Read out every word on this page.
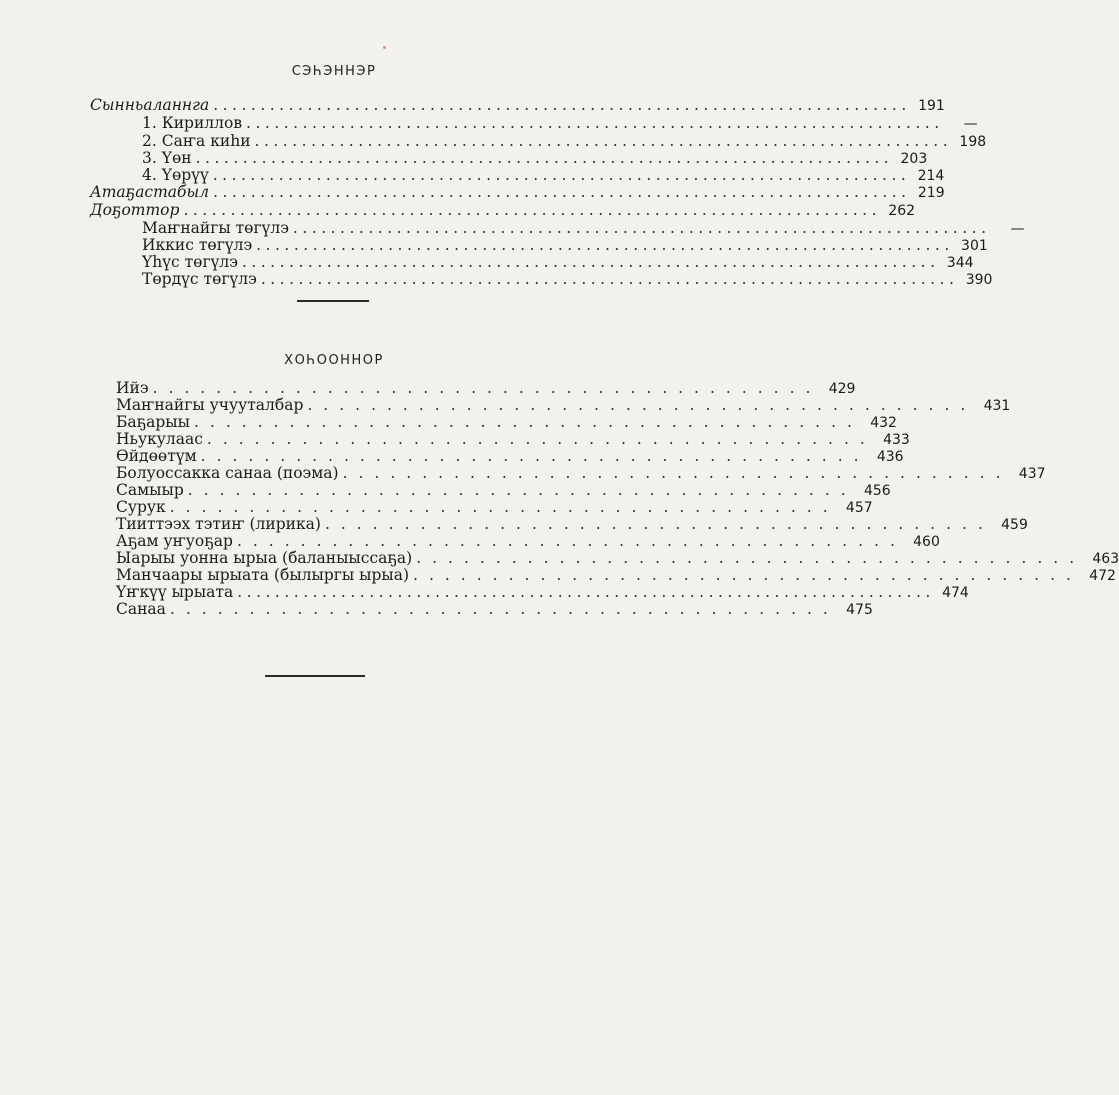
СЭҺЭННЭР
Сынньаланнга .......................................................................... 191
1. Кириллов ..........................................................................	—
2. Саҥа киһи .......................................................................... 198
3. Үөн .......................................................................... 203
4. Үөрүү .......................................................................... 214
Атаҕастабыл .......................................................................... 219
Доҕоттор .......................................................................... 262
Маҥнайгы төгүлэ ..........................................................................	—
Иккис төгүлэ .......................................................................... 301
Үһүс төгүлэ .......................................................................... 344
Төрдүс төгүлэ .......................................................................... 390
ХОҺООННОР
Ийэ .......................................... 429
Маҥнайгы учууталбар .......................................... 431
Баҕарыы .......................................... 432
Ньукулаас .......................................... 433
Өйдөөтүм .......................................... 436
Болуоссакка санаа (поэма) .......................................... 437
Самыыр .......................................... 456
Сурук .......................................... 457
Тииттээх тэтиҥ (лирика) .......................................... 459
Аҕам уҥуоҕар .......................................... 460
Ыарыы уонна ырыа (баланыыссаҕа) .......................................... 463
Манчаары ырыата (былыргы ырыа) .......................................... 472
Үҥкүү ырыата .......................................................................... 474
Санаа .......................................... 475
